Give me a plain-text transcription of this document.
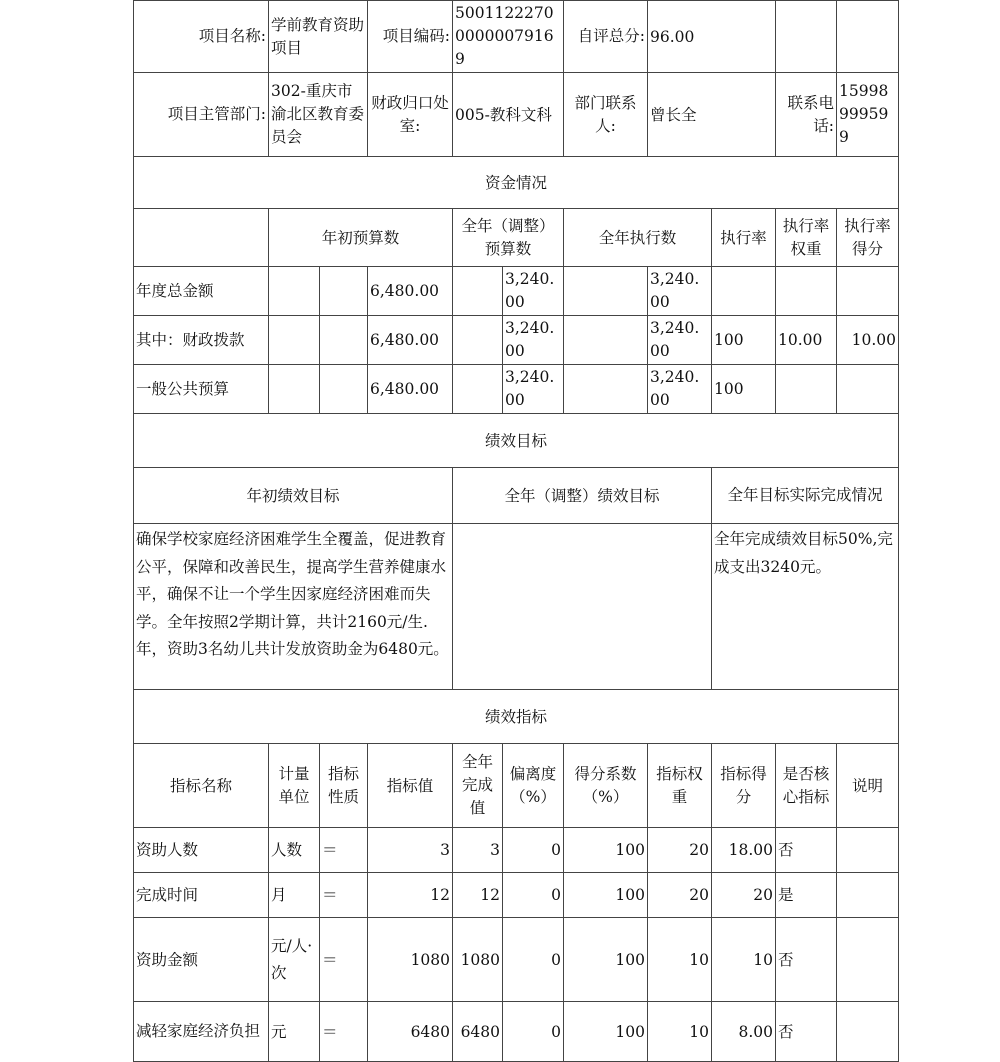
项目名称:	学前教育资助项目		项目编码:	500112227000000079169		自评总分:	96.00			
项目主管部门:	302-重庆市渝北区教育委员会		财政归口处室:	005-教科文科		部门联系人:	曾长全		联系电话:	15998999599
资金情况										
	年初预算数			全年（调整）预算数		全年执行数		执行率	执行率权重	执行率得分
年度总金额			6,480.00		3,240.00		3,240.00			
其中：财政拨款			6,480.00		3,240.00		3,240.00	100	10.00	10.00
一般公共预算			6,480.00		3,240.00		3,240.00	100		
绩效目标										
年初绩效目标				全年（调整）绩效目标				全年目标实际完成情况		
确保学校家庭经济困难学生全覆盖，促进教育公平，保障和改善民生，提高学生营养健康水平，确保不让一个学生因家庭经济困难而失学。全年按照2学期计算，共计2160元/生.年，资助3名幼儿共计发放资助金为6480元。								全年完成绩效目标50%,完成支出3240元。		
绩效指标										
指标名称	计量单位	指标性质	指标值	全年完成值	偏离度（%）	得分系数（%）	指标权重	指标得分	是否核心指标	说明
资助人数	人数	＝	3	3	0	100	20	18.00	否	
完成时间	月	＝	12	12	0	100	20	20	是	
资助金额	元/人·次	＝	1080	1080	0	100	10	10	否	
减轻家庭经济负担	元	＝	6480	6480	0	100	10	8.00	否	
